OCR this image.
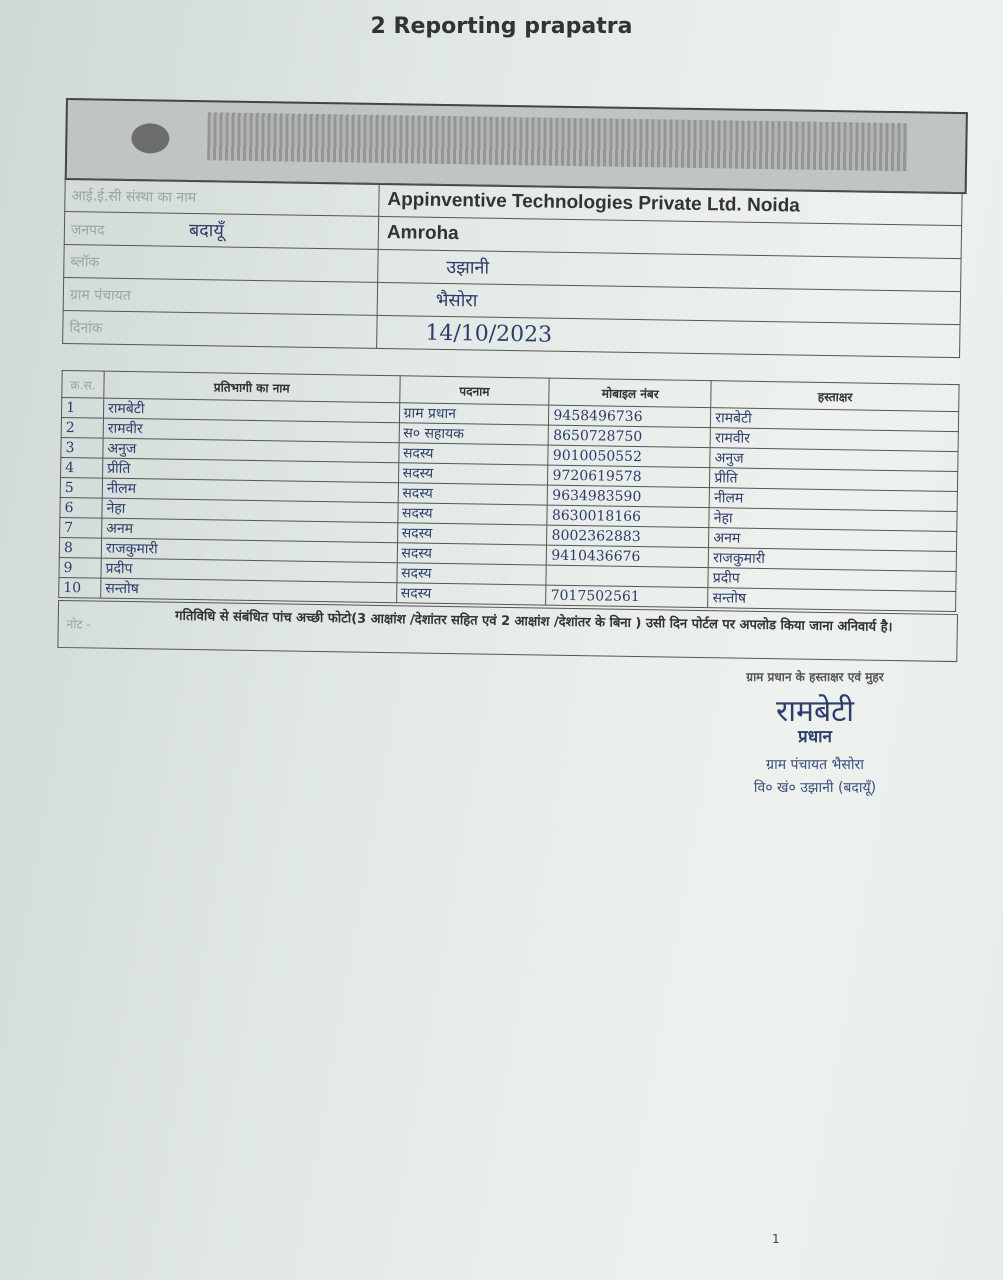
2 Reporting prapatra
आई.ई.सी संस्था का नाम	Appinventive Technologies Private Ltd. Noida
जनपद बदायूँ	Amroha
ब्लॉक	उझानी
ग्राम पंचायत	भैसोरा
दिनांक	14/10/2023
क्र.स.	प्रतिभागी का नाम	पदनाम	मोबाइल नंबर	हस्ताक्षर
1	रामबेटी	ग्राम प्रधान	9458496736	रामबेटी
2	रामवीर	स० सहायक	8650728750	रामवीर
3	अनुज	सदस्य	9010050552	अनुज
4	प्रीति	सदस्य	9720619578	प्रीति
5	नीलम	सदस्य	9634983590	नीलम
6	नेहा	सदस्य	8630018166	नेहा
7	अनम	सदस्य	8002362883	अनम
8	राजकुमारी	सदस्य	9410436676	राजकुमारी
9	प्रदीप	सदस्य		प्रदीप
10	सन्तोष	सदस्य	7017502561	सन्तोष
नोट -	गतिविधि से संबंधित पांच अच्छी फोटो(3 आक्षांश /देशांतर सहित एवं 2 आक्षांश /देशांतर के बिना ) उसी दिन पोर्टल पर अपलोड किया जाना अनिवार्य है।
ग्राम प्रधान के हस्ताक्षर एवं मुहर
रामबेटी
प्रधान
ग्राम पंचायत भैसोरा
वि० खं० उझानी (बदायूँ)
1
